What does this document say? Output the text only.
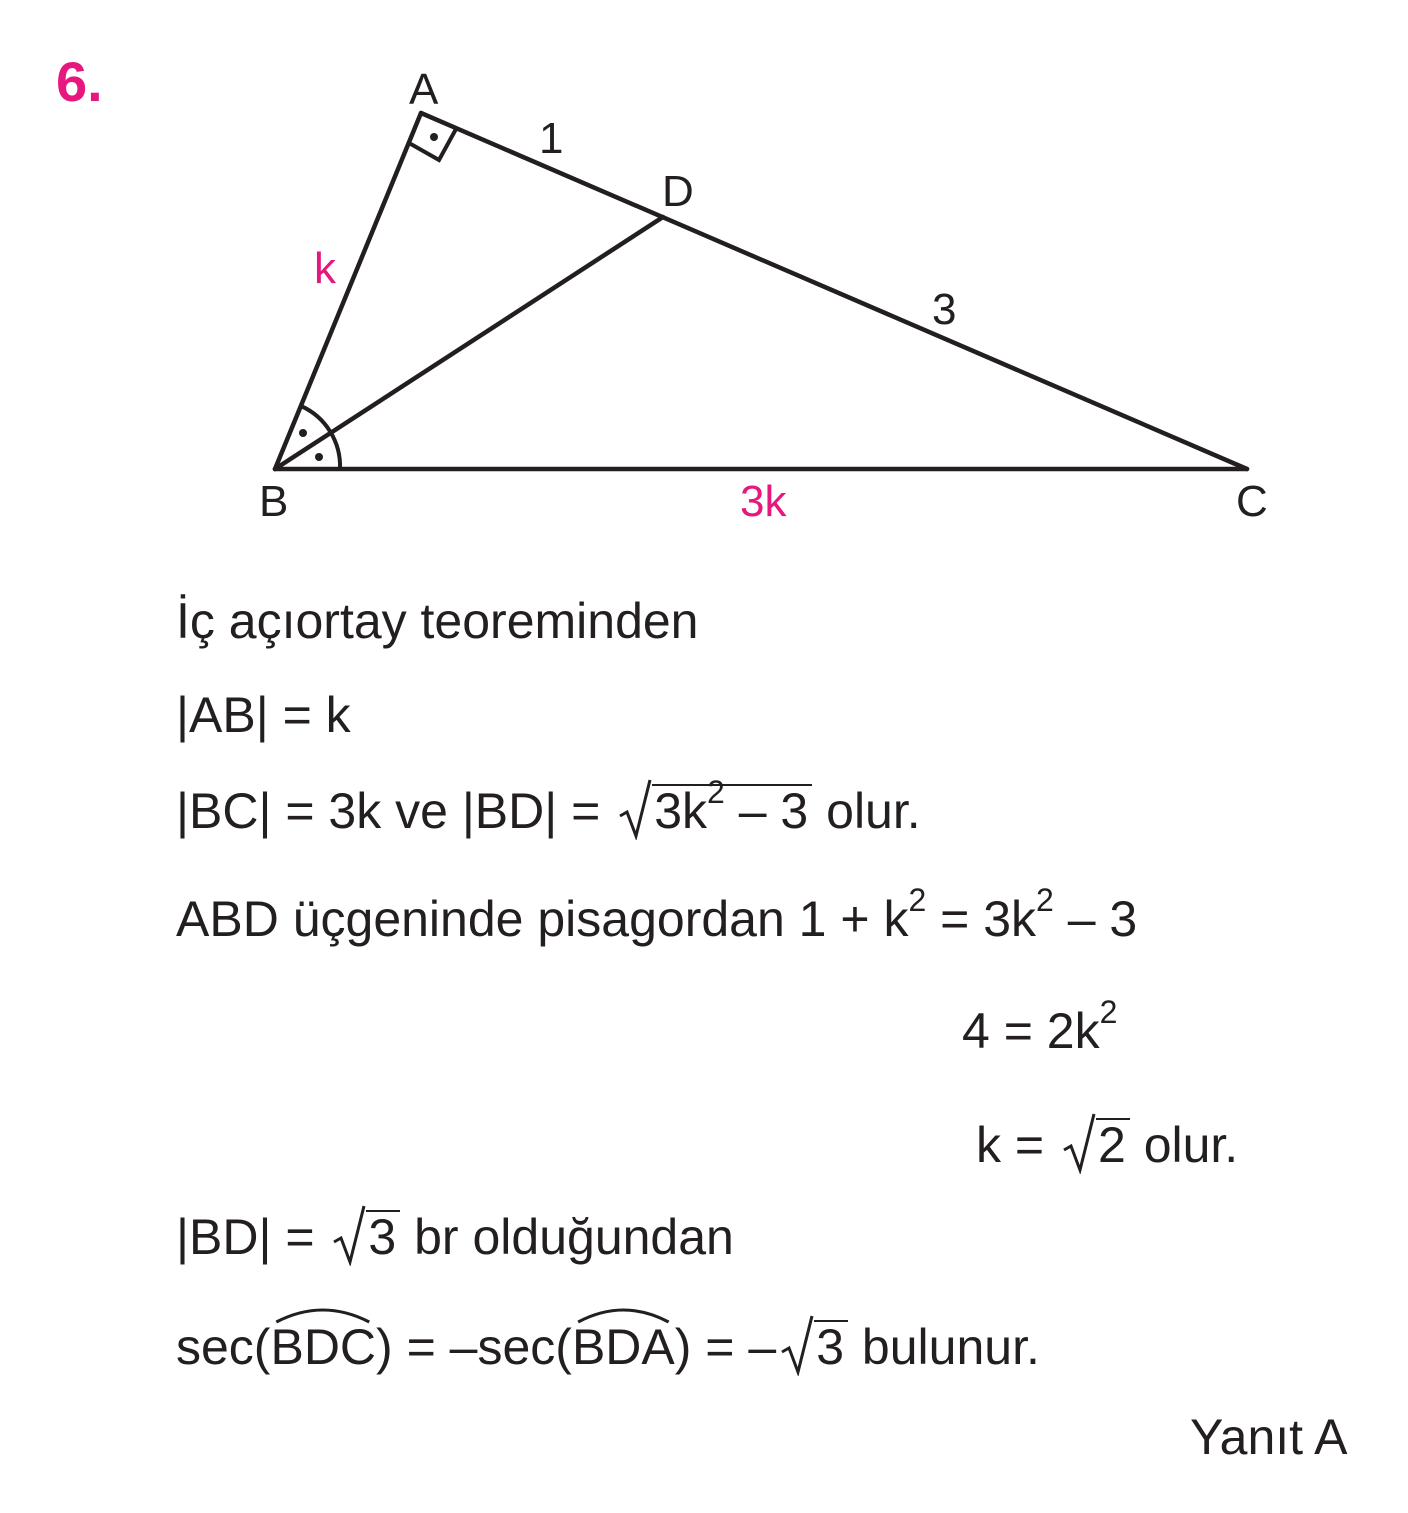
6.	A
B	C
D
1
3
k
3k
İç açıortay teoreminden
|AB| = k
|BC| = 3k ve |BD| =
$3k^2 - 3$ olur.
ABD üçgeninde pisagordan $1 + k^2 = 3k^2 - 3$
$4 = 2k^2$
k =
2 olur.
|BD| =
3 br olduğundan
sec(
BDC) = –sec(
BDA) = – 3 bulunur.
Yanıt A
